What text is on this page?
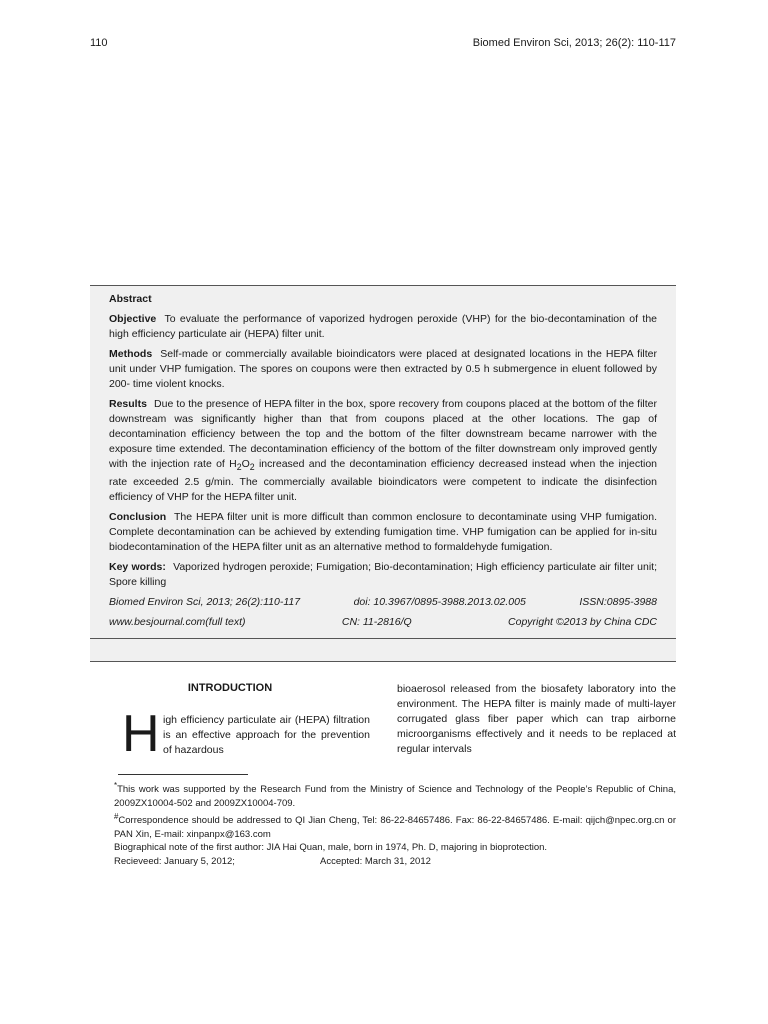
110	Biomed Environ Sci, 2013; 26(2): 110-117
Abstract
Objective To evaluate the performance of vaporized hydrogen peroxide (VHP) for the bio-decontamination of the high efficiency particulate air (HEPA) filter unit.
Methods Self-made or commercially available bioindicators were placed at designated locations in the HEPA filter unit under VHP fumigation. The spores on coupons were then extracted by 0.5 h submergence in eluent followed by 200- time violent knocks.
Results Due to the presence of HEPA filter in the box, spore recovery from coupons placed at the bottom of the filter downstream was significantly higher than that from coupons placed at the other locations. The gap of decontamination efficiency between the top and the bottom of the filter downstream became narrower with the exposure time extended. The decontamination efficiency of the bottom of the filter downstream only improved gently with the injection rate of $H_2O_2$ increased and the decontamination efficiency decreased instead when the injection rate exceeded 2.5 g/min. The commercially available bioindicators were competent to indicate the disinfection efficiency of VHP for the HEPA filter unit.
Conclusion The HEPA filter unit is more difficult than common enclosure to decontaminate using VHP fumigation. Complete decontamination can be achieved by extending fumigation time. VHP fumigation can be applied for in-situ biodecontamination of the HEPA filter unit as an alternative method to formaldehyde fumigation.
Key words: Vaporized hydrogen peroxide; Fumigation; Bio-decontamination; High efficiency particulate air filter unit; Spore killing
Biomed Environ Sci, 2013; 26(2):110-117	doi: 10.3967/0895-3988.2013.02.005	ISSN:0895-3988
www.besjournal.com(full text)	CN: 11-2816/Q	Copyright ©2013 by China CDC
INTRODUCTION
H igh efficiency particulate air (HEPA) filtration is an effective approach for the prevention of hazardous
bioaerosol released from the biosafety laboratory into the environment. The HEPA filter is mainly made of multi-layer corrugated glass fiber paper which can trap airborne microorganisms effectively and it needs to be replaced at regular intervals
*This work was supported by the Research Fund from the Ministry of Science and Technology of the People’s Republic of China, 2009ZX10004-502 and 2009ZX10004-709.
#Correspondence should be addressed to QI Jian Cheng, Tel: 86-22-84657486. Fax: 86-22-84657486. E-mail: qijch@npec.org.cn or PAN Xin, E-mail: xinpanpx@163.com
Biographical note of the first author: JIA Hai Quan, male, born in 1974, Ph. D, majoring in bioprotection.
Recieveed: January 5, 2012;	Accepted: March 31, 2012
